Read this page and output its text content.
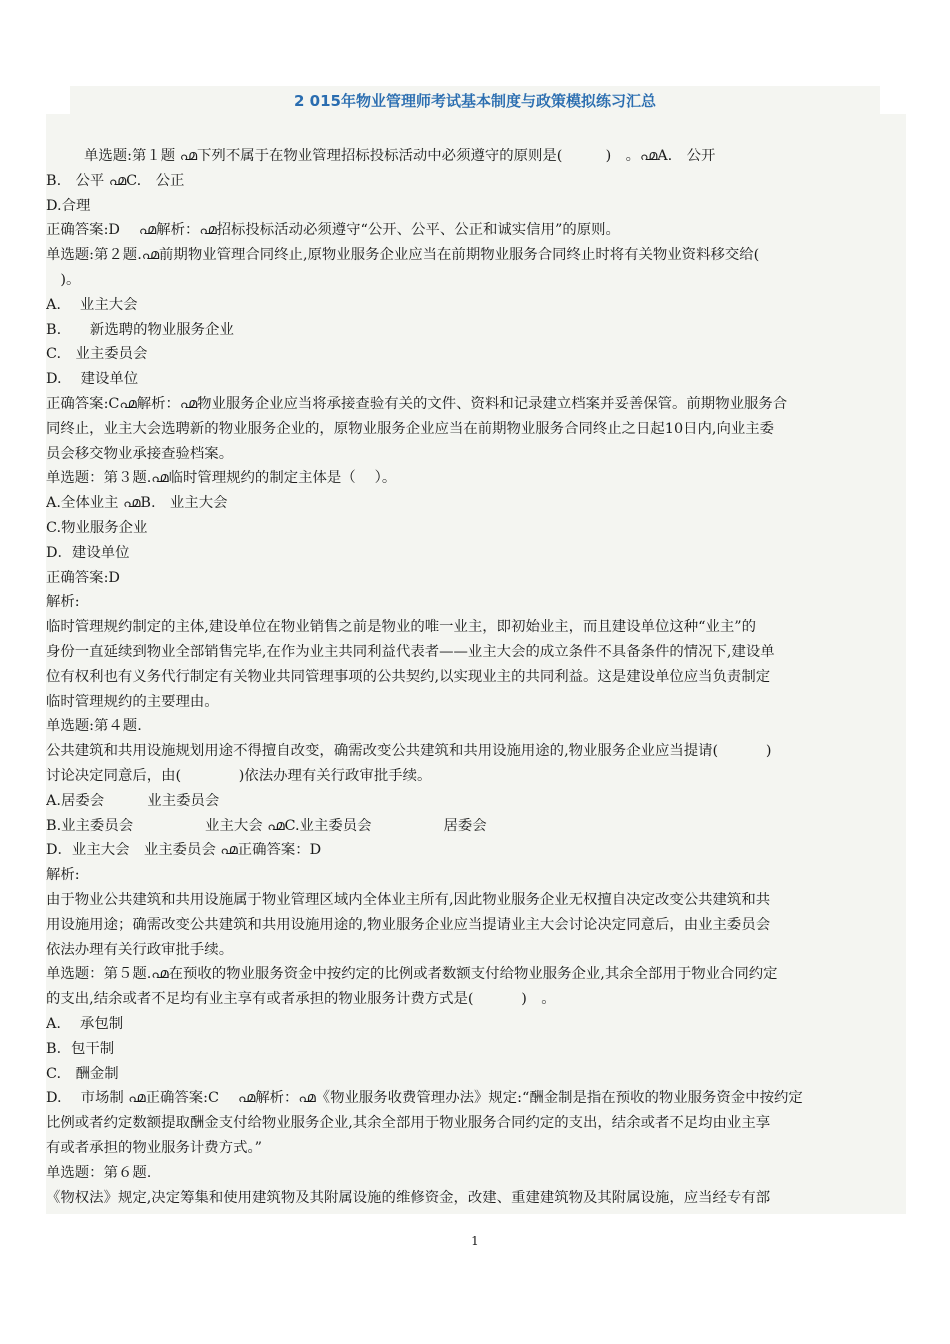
2 015年物业管理师考试基本制度与政策模拟练习汇总
单选题:第１题 ൶下列不属于在物业管理招标投标活动中必须遵守的原则是(　　　)　。൶A.　公开
B.　公平 ൶C.　公正
D.合理
正确答案:D　 ൶解析：൶招标投标活动必须遵守“公开、公平、公正和诚实信用”的原则。
单选题:第２题.൶前期物业管理合同终止,原物业服务企业应当在前期物业服务合同终止时将有关物业资料移交给(
　)。
A.　 业主大会
B.　　新选聘的物业服务企业
C.　业主委员会
D.　 建设单位
正确答案:C൶解析：൶物业服务企业应当将承接查验有关的文件、资料和记录建立档案并妥善保管。前期物业服务合
同终止，业主大会选聘新的物业服务企业的，原物业服务企业应当在前期物业服务合同终止之日起10日内,向业主委
员会移交物业承接查验档案。
单选题：第３题.൶临时管理规约的制定主体是（　 ）。
A.全体业主 ൶B.　业主大会
C.物业服务企业
D．建设单位
正确答案:D
解析:
临时管理规约制定的主体,建设单位在物业销售之前是物业的唯一业主，即初始业主，而且建设单位这种“业主”的
身份一直延续到物业全部销售完毕,在作为业主共同利益代表者——业主大会的成立条件不具备条件的情况下,建设单
位有权利也有义务代行制定有关物业共同管理事项的公共契约,以实现业主的共同利益。这是建设单位应当负责制定
临时管理规约的主要理由。
单选题:第４题.
公共建筑和共用设施规划用途不得擅自改变，确需改变公共建筑和共用设施用途的,物业服务企业应当提请(　　　 )
讨论决定同意后，由(　　　　)依法办理有关行政审批手续。
A.居委会　　　业主委员会
B.业主委员会　　　　　业主大会 ൶C.业主委员会　　　　　居委会
D．业主大会　业主委员会 ൶正确答案：D
解析:
由于物业公共建筑和共用设施属于物业管理区域内全体业主所有,因此物业服务企业无权擅自决定改变公共建筑和共
用设施用途；确需改变公共建筑和共用设施用途的,物业服务企业应当提请业主大会讨论决定同意后，由业主委员会
依法办理有关行政审批手续。
单选题：第５题.൶在预收的物业服务资金中按约定的比例或者数额支付给物业服务企业,其余全部用于物业合同约定
的支出,结余或者不足均有业主享有或者承担的物业服务计费方式是(　　　 )　。
A.　 承包制
B．包干制
C.　酬金制
D.　 市场制 ൶正确答案:C　 ൶解析：൶《物业服务收费管理办法》规定:“酬金制是指在预收的物业服务资金中按约定
比例或者约定数额提取酬金支付给物业服务企业,其余全部用于物业服务合同约定的支出，结余或者不足均由业主享
有或者承担的物业服务计费方式。”
单选题：第６题.
《物权法》规定,决定筹集和使用建筑物及其附属设施的维修资金，改建、重建建筑物及其附属设施，应当经专有部
1
